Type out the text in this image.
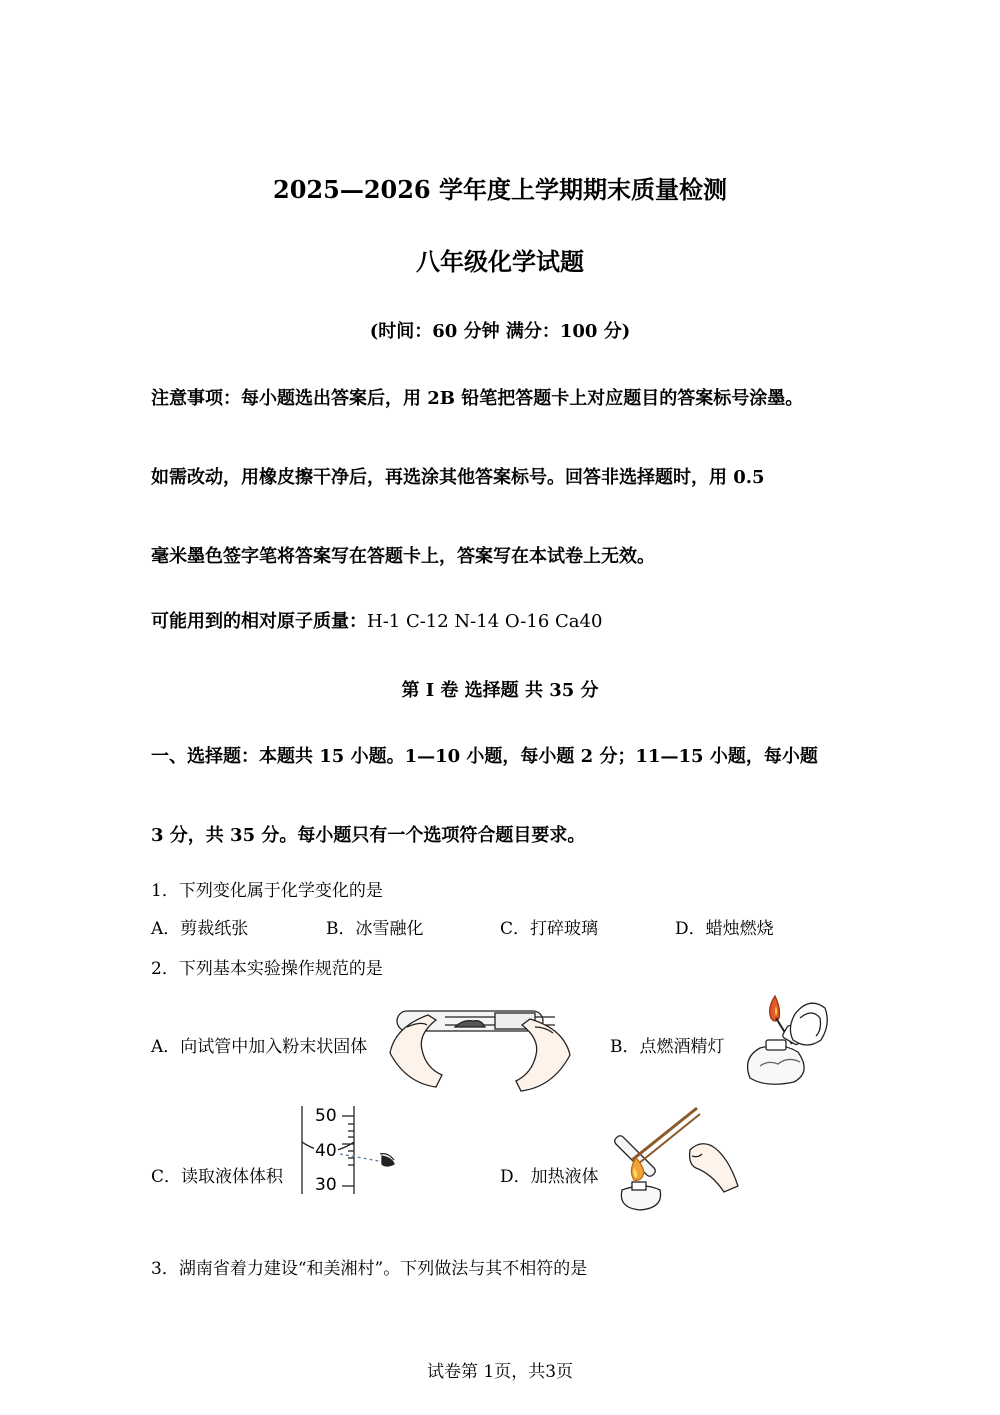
2025—2026 学年度上学期期末质量检测
八年级化学试题
(时间：60 分钟 满分：100 分)
注意事项：每小题选出答案后，用 2B 铅笔把答题卡上对应题目的答案标号涂墨。
如需改动，用橡皮擦干净后，再选涂其他答案标号。回答非选择题时，用 0.5
毫米墨色签字笔将答案写在答题卡上，答案写在本试卷上无效。
可能用到的相对原子质量：H-1 C-12 N-14 O-16 Ca40
第 Ⅰ 卷 选择题 共 35 分
一、选择题：本题共 15 小题。1—10 小题，每小题 2 分；11—15 小题，每小题
3 分，共 35 分。每小题只有一个选项符合题目要求。
1．下列变化属于化学变化的是
A．剪裁纸张	B．冰雪融化	C．打碎玻璃	D．蜡烛燃烧
2．下列基本实验操作规范的是
A．向试管中加入粉末状固体	B．点燃酒精灯
C．读取液体体积
50
40
30	D．加热液体
3．湖南省着力建设“和美湘村”。下列做法与其不相符的是
试卷第 1页，共3页
